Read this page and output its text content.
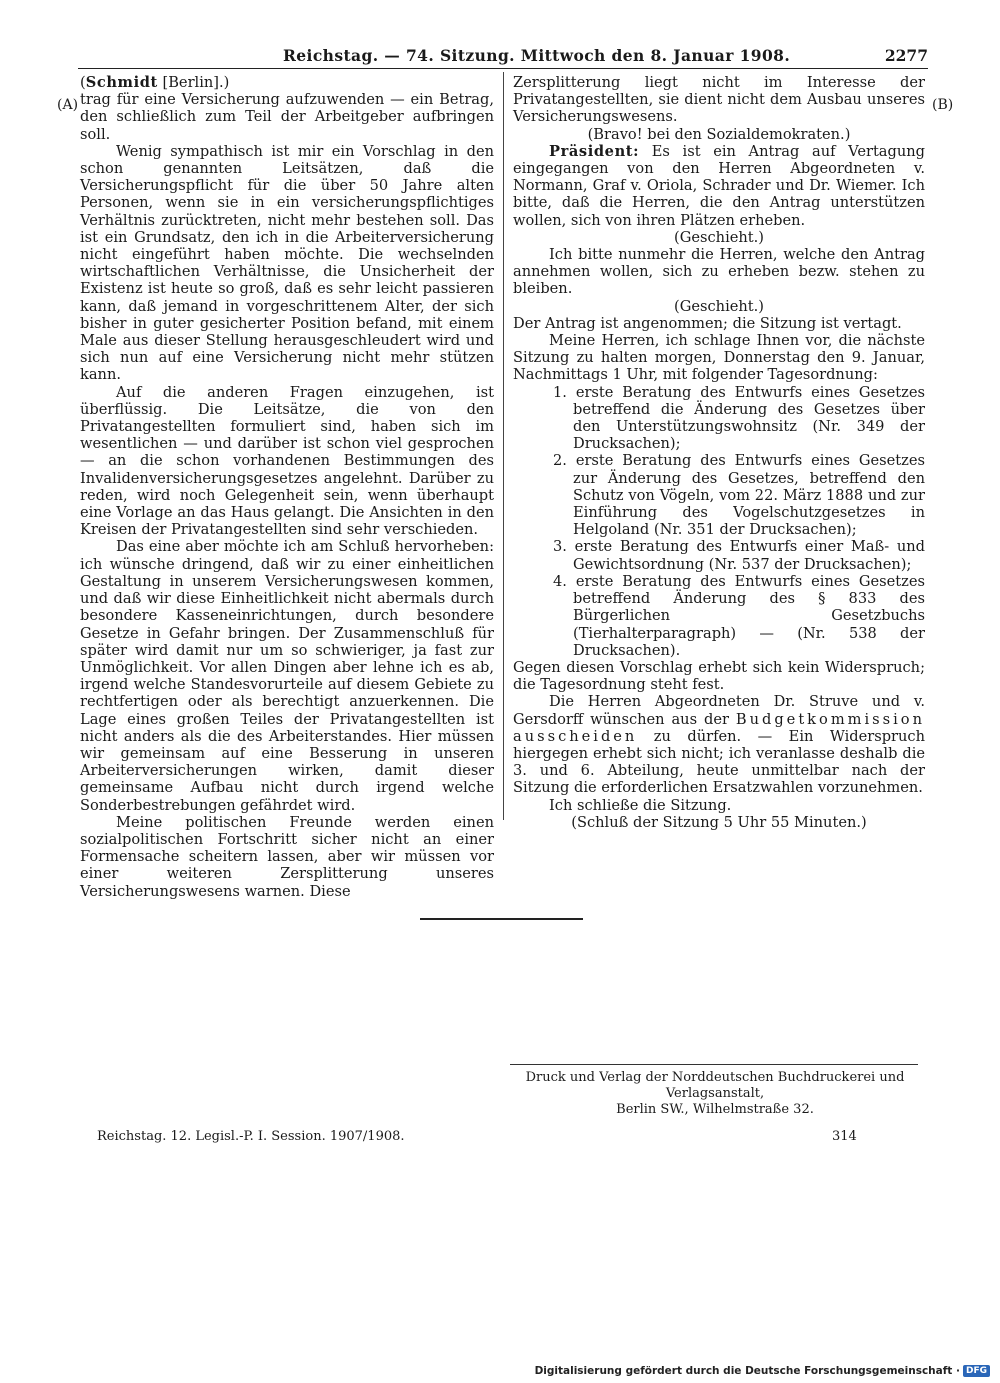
Reichstag. — 74. Sitzung. Mittwoch den 8. Januar 1908.	2277
(A)	(B)

(Schmidt [Berlin].)

trag für eine Versicherung aufzuwenden — ein Betrag, den schließlich zum Teil der Arbeitgeber aufbringen soll.

Wenig sympathisch ist mir ein Vorschlag in den schon genannten Leitsätzen, daß die Versicherungspflicht für die über 50 Jahre alten Personen, wenn sie in ein versicherungspflichtiges Verhältnis zurücktreten, nicht mehr bestehen soll. Das ist ein Grundsatz, den ich in die Arbeiterversicherung nicht eingeführt haben möchte. Die wechselnden wirtschaftlichen Verhältnisse, die Unsicherheit der Existenz ist heute so groß, daß es sehr leicht passieren kann, daß jemand in vorgeschrittenem Alter, der sich bisher in guter gesicherter Position befand, mit einem Male aus dieser Stellung herausgeschleudert wird und sich nun auf eine Versicherung nicht mehr stützen kann.

Auf die anderen Fragen einzugehen, ist überflüssig. Die Leitsätze, die von den Privatangestellten formuliert sind, haben sich im wesentlichen — und darüber ist schon viel gesprochen — an die schon vorhandenen Bestimmungen des Invalidenversicherungsgesetzes angelehnt. Darüber zu reden, wird noch Gelegenheit sein, wenn überhaupt eine Vorlage an das Haus gelangt. Die Ansichten in den Kreisen der Privatangestellten sind sehr verschieden.

Das eine aber möchte ich am Schluß hervorheben: ich wünsche dringend, daß wir zu einer einheitlichen Gestaltung in unserem Versicherungswesen kommen, und daß wir diese Einheitlichkeit nicht abermals durch besondere Kasseneinrichtungen, durch besondere Gesetze in Gefahr bringen. Der Zusammenschluß für später wird damit nur um so schwieriger, ja fast zur Unmöglichkeit. Vor allen Dingen aber lehne ich es ab, irgend welche Standesvorurteile auf diesem Gebiete zu rechtfertigen oder als berechtigt anzuerkennen. Die Lage eines großen Teiles der Privatangestellten ist nicht anders als die des Arbeiterstandes. Hier müssen wir gemeinsam auf eine Besserung in unseren Arbeiterversicherungen wirken, damit dieser gemeinsame Aufbau nicht durch irgend welche Sonderbestrebungen gefährdet wird.

Meine politischen Freunde werden einen sozialpolitischen Fortschritt sicher nicht an einer Formensache scheitern lassen, aber wir müssen vor einer weiteren Zersplitterung unseres Versicherungswesens warnen. Diese

Zersplitterung liegt nicht im Interesse der Privatangestellten, sie dient nicht dem Ausbau unseres Versicherungswesens.

(Bravo! bei den Sozialdemokraten.)

Präsident: Es ist ein Antrag auf Vertagung eingegangen von den Herren Abgeordneten v. Normann, Graf v. Oriola, Schrader und Dr. Wiemer. Ich bitte, daß die Herren, die den Antrag unterstützen wollen, sich von ihren Plätzen erheben.

(Geschieht.)

Ich bitte nunmehr die Herren, welche den Antrag annehmen wollen, sich zu erheben bezw. stehen zu bleiben.

(Geschieht.)

Der Antrag ist angenommen; die Sitzung ist vertagt.

Meine Herren, ich schlage Ihnen vor, die nächste Sitzung zu halten morgen, Donnerstag den 9. Januar, Nachmittags 1 Uhr, mit folgender Tagesordnung:

1. erste Beratung des Entwurfs eines Gesetzes betreffend die Änderung des Gesetzes über den Unterstützungswohnsitz (Nr. 349 der Drucksachen);

2. erste Beratung des Entwurfs eines Gesetzes zur Änderung des Gesetzes, betreffend den Schutz von Vögeln, vom 22. März 1888 und zur Einführung des Vogelschutzgesetzes in Helgoland (Nr. 351 der Drucksachen);

3. erste Beratung des Entwurfs einer Maß- und Gewichtsordnung (Nr. 537 der Drucksachen);

4. erste Beratung des Entwurfs eines Gesetzes betreffend Änderung des § 833 des Bürgerlichen Gesetzbuchs (Tierhalterparagraph) — (Nr. 538 der Drucksachen).

Gegen diesen Vorschlag erhebt sich kein Widerspruch; die Tagesordnung steht fest.

Die Herren Abgeordneten Dr. Struve und v. Gersdorff wünschen aus der Budgetkommission ausscheiden zu dürfen. — Ein Widerspruch hiergegen erhebt sich nicht; ich veranlasse deshalb die 3. und 6. Abteilung, heute unmittelbar nach der Sitzung die erforderlichen Ersatzwahlen vorzunehmen.

Ich schließe die Sitzung.

(Schluß der Sitzung 5 Uhr 55 Minuten.)

Druck und Verlag der Norddeutschen Buchdruckerei und Verlagsanstalt,
Berlin SW., Wilhelmstraße 32.
Reichstag. 12. Legisl.-P. I. Session. 1907/1908.	314
Digitalisierung gefördert durch die Deutsche Forschungsgemeinschaft · DFG
